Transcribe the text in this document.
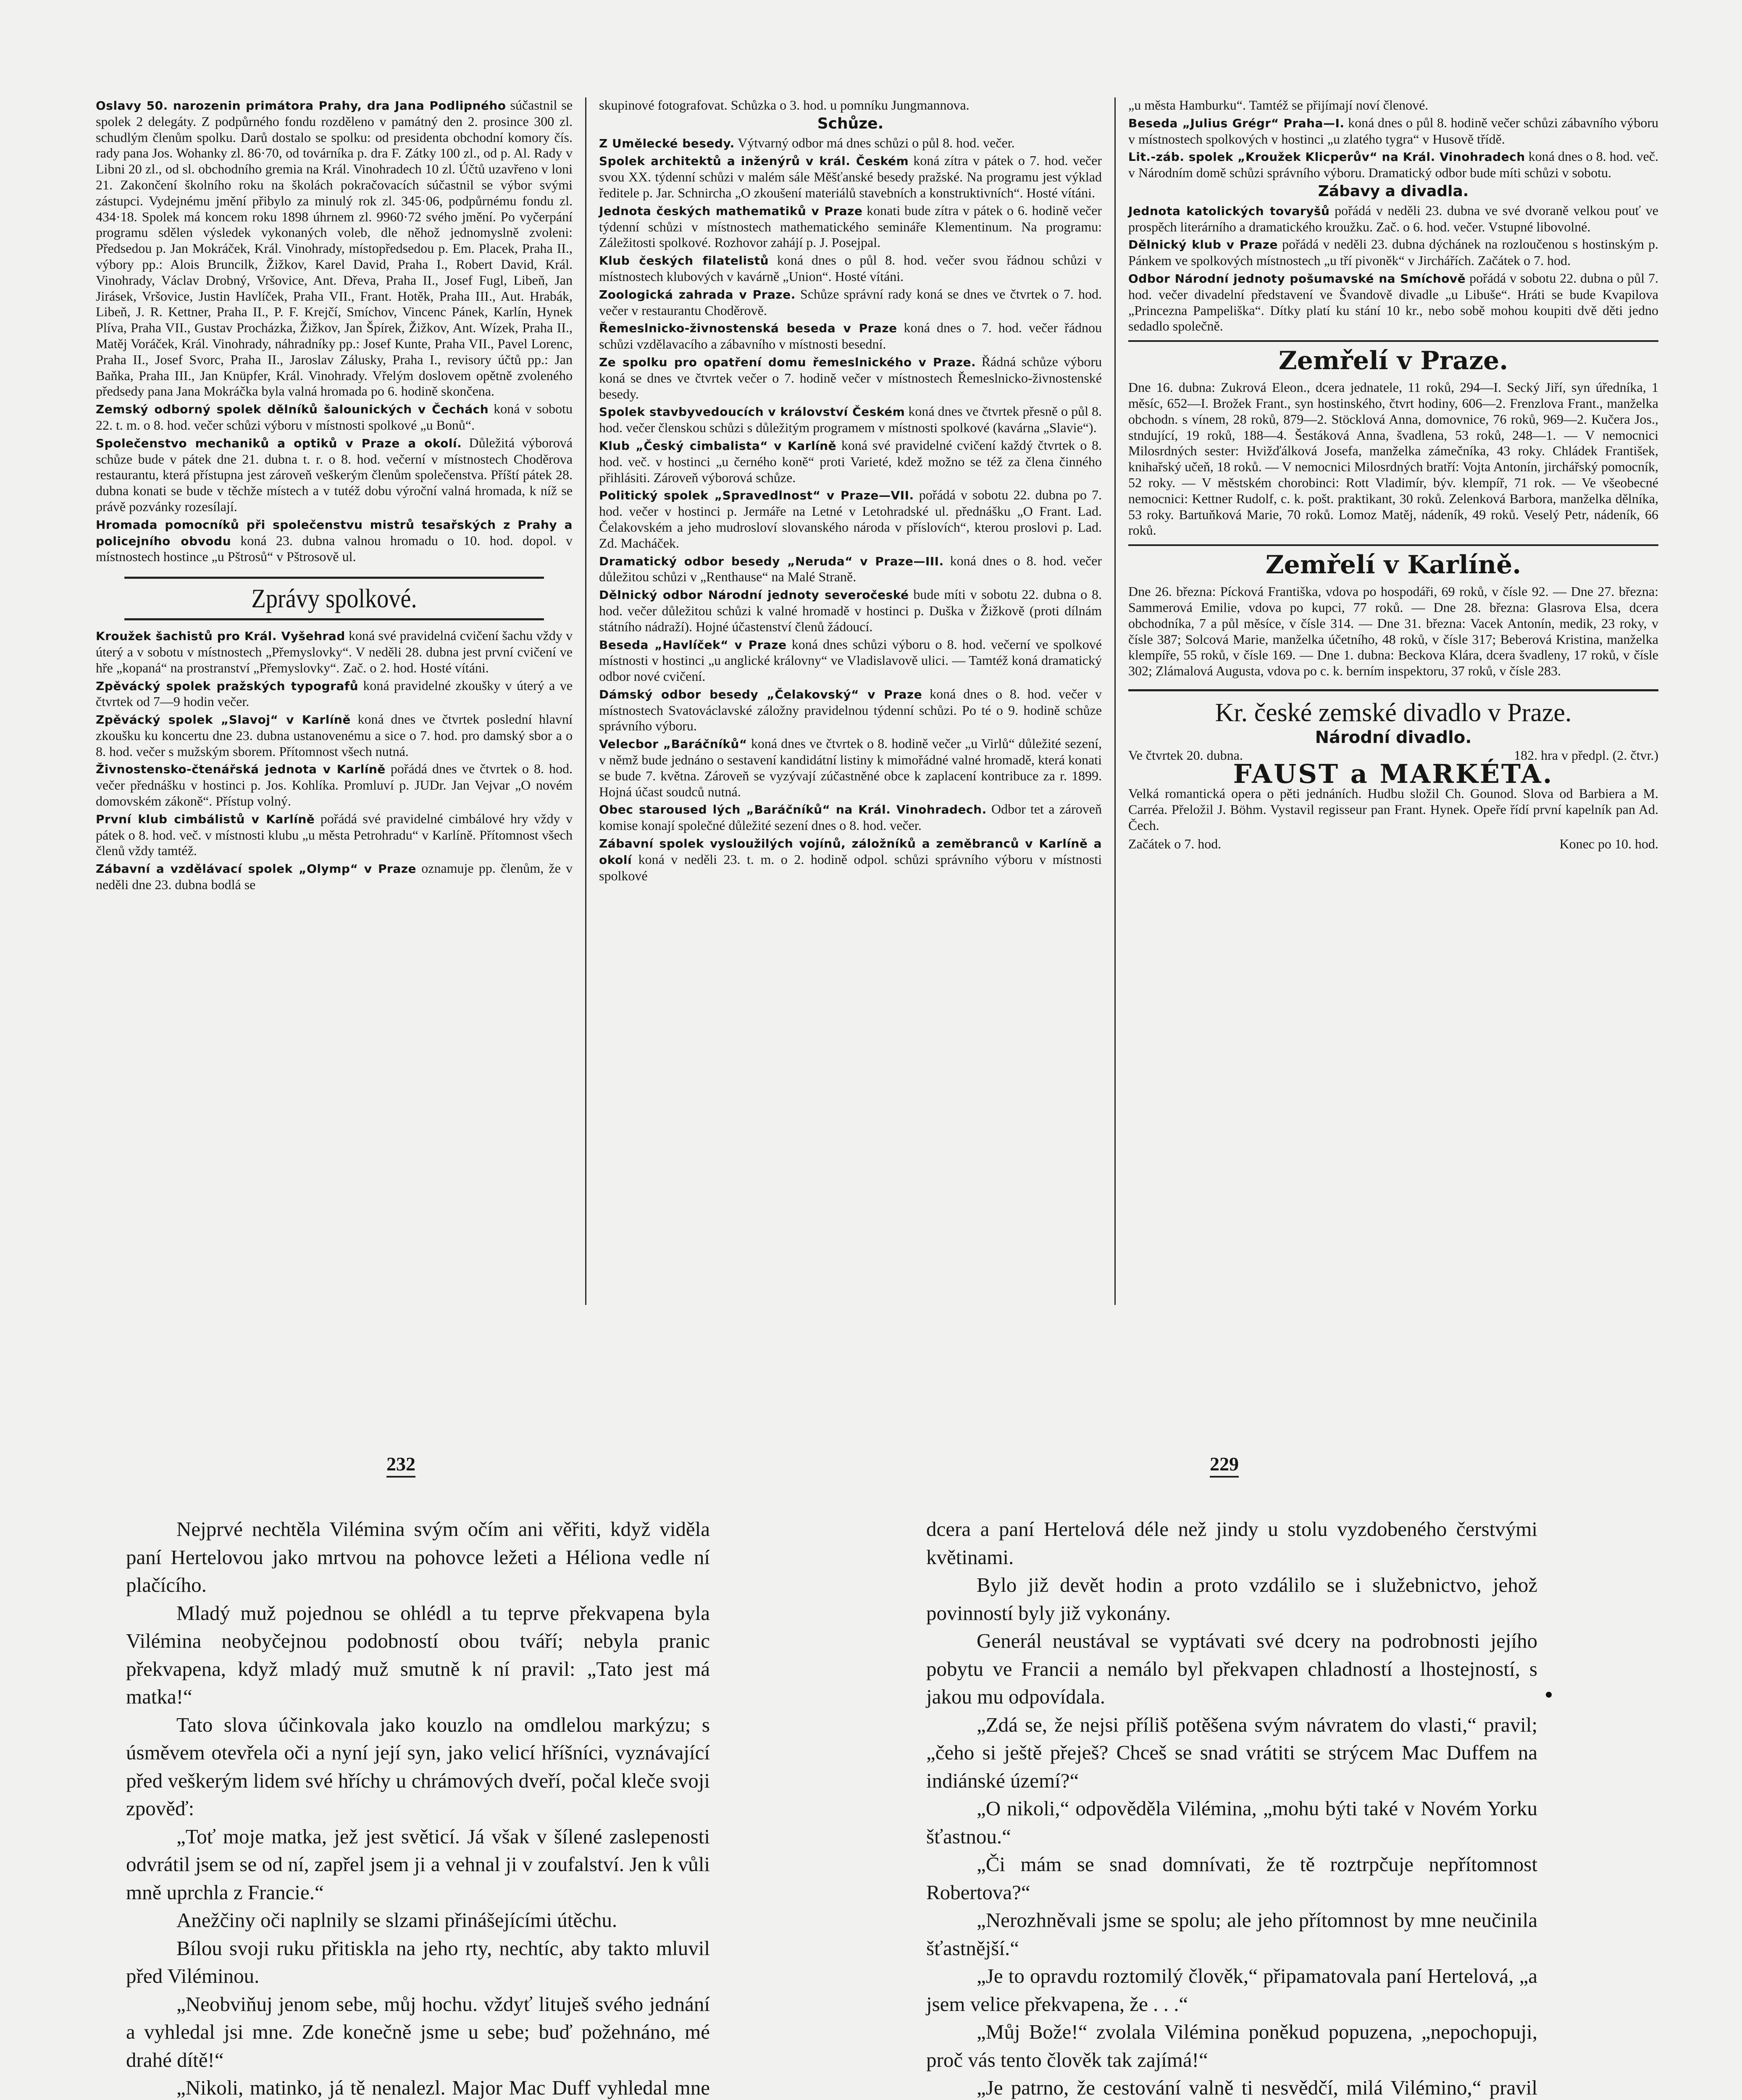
Oslavy 50. narozenin primátora Prahy, dra Jana Podlipného súčastnil se spolek 2 delegáty. Z podpůrného fondu rozděleno v památný den 2. prosince 300 zl. schudlým členům spolku. Darů dostalo se spolku: od presidenta obchodní komory čís. rady pana Jos. Wohanky zl. 86·70, od továrníka p. dra F. Zátky 100 zl., od p. Al. Rady v Libni 20 zl., od sl. obchodního gremia na Král. Vinohradech 10 zl. Účtů uzavřeno v loni 21. Zakončení školního roku na školách pokračovacích súčastnil se výbor svými zástupci. Vydejnému jmění přibylo za minulý rok zl. 345·06, podpůrnému fondu zl. 434·18. Spolek má koncem roku 1898 úhrnem zl. 9960·72 svého jmění. Po vyčerpání programu sdělen výsledek vykonaných voleb, dle něhož jednomyslně zvoleni: Předsedou p. Jan Mokráček, Král. Vinohrady, místopředsedou p. Em. Placek, Praha II., výbory pp.: Alois Bruncilk, Žižkov, Karel David, Praha I., Robert David, Král. Vinohrady, Václav Drobný, Vršovice, Ant. Dřeva, Praha II., Josef Fugl, Libeň, Jan Jirásek, Vršovice, Justin Havlíček, Praha VII., Frant. Hotěk, Praha III., Aut. Hrabák, Libeň, J. R. Kettner, Praha II., P. F. Krejčí, Smíchov, Vincenc Pánek, Karlín, Hynek Plíva, Praha VII., Gustav Procházka, Žižkov, Jan Špírek, Žižkov, Ant. Wízek, Praha II., Matěj Voráček, Král. Vinohrady, náhradníky pp.: Josef Kunte, Praha VII., Pavel Lorenc, Praha II., Josef Svorc, Praha II., Jaroslav Zálusky, Praha I., revisory účtů pp.: Jan Baňka, Praha III., Jan Knüpfer, Král. Vinohrady. Vřelým doslovem opětně zvoleného předsedy pana Jana Mokráčka byla valná hromada po 6. hodině skončena.

Zemský odborný spolek dělníků šalounických v Čechách koná v sobotu 22. t. m. o 8. hod. večer schůzi výboru v místnosti spolkové „u Bonů“.

Společenstvo mechaniků a optiků v Praze a okolí. Důležitá výborová schůze bude v pátek dne 21. dubna t. r. o 8. hod. večerní v místnostech Choděrova restaurantu, která přístupna jest zároveň veškerým členům společenstva. Příští pátek 28. dubna konati se bude v těchže místech a v tutéž dobu výroční valná hromada, k níž se právě pozvánky rozesílají.

Hromada pomocníků při společenstvu mistrů tesařských z Prahy a policejního obvodu koná 23. dubna valnou hromadu o 10. hod. dopol. v místnostech hostince „u Pštrosů“ v Pštrosově ul.

Zprávy spolkové.

Kroužek šachistů pro Král. Vyšehrad koná své pravidelná cvičení šachu vždy v úterý a v sobotu v místnostech „Přemyslovky“. V neděli 28. dubna jest první cvičení ve hře „kopaná“ na prostranství „Přemyslovky“. Zač. o 2. hod. Hosté vítáni.

Zpěvácký spolek pražských typografů koná pravidelné zkoušky v úterý a ve čtvrtek od 7—9 hodin večer.

Zpěvácký spolek „Slavoj“ v Karlíně koná dnes ve čtvrtek poslední hlavní zkoušku ku koncertu dne 23. dubna ustanovenému a sice o 7. hod. pro damský sbor a o 8. hod. večer s mužským sborem. Přítomnost všech nutná.

Živnostensko-čtenářská jednota v Karlíně pořádá dnes ve čtvrtek o 8. hod. večer přednášku v hostinci p. Jos. Kohlíka. Promluví p. JUDr. Jan Vejvar „O novém domovském zákoně“. Přístup volný.

První klub cimbálistů v Karlíně pořádá své pravidelné cimbálové hry vždy v pátek o 8. hod. več. v místnosti klubu „u města Petrohradu“ v Karlíně. Přítomnost všech členů vždy tamtéž.

Zábavní a vzdělávací spolek „Olymp“ v Praze oznamuje pp. členům, že v neděli dne 23. dubna bodlá se

skupinové fotografovat. Schůzka o 3. hod. u pomníku Jungmannova.

Schůze.

Z Umělecké besedy. Výtvarný odbor má dnes schůzi o půl 8. hod. večer.

Spolek architektů a inženýrů v král. Českém koná zítra v pátek o 7. hod. večer svou XX. týdenní schůzi v malém sále Měšťanské besedy pražské. Na programu jest výklad ředitele p. Jar. Schnircha „O zkoušení materiálů stavebních a konstruktivních“. Hosté vítáni.

Jednota českých mathematiků v Praze konati bude zítra v pátek o 6. hodině večer týdenní schůzi v místnostech mathematického semináře Klementinum. Na programu: Záležitosti spolkové. Rozhovor zahájí p. J. Posejpal.

Klub českých filatelistů koná dnes o půl 8. hod. večer svou řádnou schůzi v místnostech klubových v kavárně „Union“. Hosté vítáni.

Zoologická zahrada v Praze. Schůze správní rady koná se dnes ve čtvrtek o 7. hod. večer v restaurantu Choděrově.

Řemeslnicko-živnostenská beseda v Praze koná dnes o 7. hod. večer řádnou schůzi vzdělavacího a zábavního v místnosti besední.

Ze spolku pro opatření domu řemeslnického v Praze. Řádná schůze výboru koná se dnes ve čtvrtek večer o 7. hodině večer v místnostech Řemeslnicko-živnostenské besedy.

Spolek stavbyvedoucích v království Českém koná dnes ve čtvrtek přesně o půl 8. hod. večer členskou schůzi s důležitým programem v místnosti spolkové (kavárna „Slavie“).

Klub „Český cimbalista“ v Karlíně koná své pravidelné cvičení každý čtvrtek o 8. hod. več. v hostinci „u černého koně“ proti Varieté, kdež možno se též za člena činného přihlásiti. Zároveň výborová schůze.

Politický spolek „Spravedlnost“ v Praze—VII. pořádá v sobotu 22. dubna po 7. hod. večer v hostinci p. Jermáře na Letné v Letohradské ul. přednášku „O Frant. Lad. Čelakovském a jeho mudrosloví slovanského národa v příslovích“, kterou proslovi p. Lad. Zd. Macháček.

Dramatický odbor besedy „Neruda“ v Praze—III. koná dnes o 8. hod. večer důležitou schůzi v „Renthause“ na Malé Straně.

Dělnický odbor Národní jednoty severočeské bude míti v sobotu 22. dubna o 8. hod. večer důležitou schůzi k valné hromadě v hostinci p. Duška v Žižkově (proti dílnám státního nádraží). Hojné účastenství členů žádoucí.

Beseda „Havlíček“ v Praze koná dnes schůzi výboru o 8. hod. večerní ve spolkové místnosti v hostinci „u anglické královny“ ve Vladislavově ulici. — Tamtéž koná dramatický odbor nové cvičení.

Dámský odbor besedy „Čelakovský“ v Praze koná dnes o 8. hod. večer v místnostech Svatováclavské záložny pravidelnou týdenní schůzi. Po té o 9. hodině schůze správního výboru.

Velecbor „Baráčníků“ koná dnes ve čtvrtek o 8. hodině večer „u Virlů“ důležité sezení, v němž bude jednáno o sestavení kandidátní listiny k mimořádné valné hromadě, která konati se bude 7. května. Zároveň se vyzývají zúčastněné obce k zaplacení kontribuce za r. 1899. Hojná účast soudců nutná.

Obec staroused lých „Baráčníků“ na Král. Vinohradech. Odbor tet a zároveň komise konají společné důležité sezení dnes o 8. hod. večer.

Zábavní spolek vysloužilých vojínů, záložníků a zeměbranců v Karlíně a okolí koná v neděli 23. t. m. o 2. hodině odpol. schůzi správního výboru v místnosti spolkové

„u města Hamburku“. Tamtéž se přijímají noví členové.

Beseda „Julius Grégr“ Praha—I. koná dnes o půl 8. hodině večer schůzi zábavního výboru v místnostech spolkových v hostinci „u zlatého tygra“ v Husově třídě.

Lit.-záb. spolek „Kroužek Klicperův“ na Král. Vinohradech koná dnes o 8. hod. več. v Národním domě schůzi správního výboru. Dramatický odbor bude míti schůzi v sobotu.

Zábavy a divadla.

Jednota katolických tovaryšů pořádá v neděli 23. dubna ve své dvoraně velkou pouť ve prospěch literárního a dramatického kroužku. Zač. o 6. hod. večer. Vstupné libovolné.

Dělnický klub v Praze pořádá v neděli 23. dubna dýchánek na rozloučenou s hostinským p. Pánkem ve spolkových místnostech „u tří pivoněk“ v Jirchářích. Začátek o 7. hod.

Odbor Národní jednoty pošumavské na Smíchově pořádá v sobotu 22. dubna o půl 7. hod. večer divadelní představení ve Švandově divadle „u Libuše“. Hráti se bude Kvapilova „Princezna Pampeliška“. Dítky platí ku stání 10 kr., nebo sobě mohou koupiti dvě děti jedno sedadlo společně.

Zemřelí v Praze.

Dne 16. dubna: Zukrová Eleon., dcera jednatele, 11 roků, 294—I. Secký Jiří, syn úředníka, 1 měsíc, 652—I. Brožek Frant., syn hostinského, čtvrt hodiny, 606—2. Frenzlova Frant., manželka obchodn. s vínem, 28 roků, 879—2. Stöcklová Anna, domovnice, 76 roků, 969—2. Kučera Jos., stndující, 19 roků, 188—4. Šestáková Anna, švadlena, 53 roků, 248—1. — V nemocnici Milosrdných sester: Hvižďálková Josefa, manželka zámečníka, 43 roky. Chládek František, knihařský učeň, 18 roků. — V nemocnici Milosrdných bratří: Vojta Antonín, jirchářský pomocník, 52 roky. — V městském chorobinci: Rott Vladimír, býv. klempíř, 71 rok. — Ve všeobecné nemocnici: Kettner Rudolf, c. k. pošt. praktikant, 30 roků. Zelenková Barbora, manželka dělníka, 53 roky. Bartuňková Marie, 70 roků. Lomoz Matěj, nádeník, 49 roků. Veselý Petr, nádeník, 66 roků.

Zemřelí v Karlíně.

Dne 26. března: Pícková Františka, vdova po hospodáři, 69 roků, v čísle 92. — Dne 27. března: Sammerová Emilie, vdova po kupci, 77 roků. — Dne 28. března: Glasrova Elsa, dcera obchodníka, 7 a půl měsíce, v čísle 314. — Dne 31. března: Vacek Antonín, medik, 23 roky, v čísle 387; Solcová Marie, manželka účetního, 48 roků, v čísle 317; Beberová Kristina, manželka klempíře, 55 roků, v čísle 169. — Dne 1. dubna: Beckova Klára, dcera švadleny, 17 roků, v čísle 302; Zlámalová Augusta, vdova po c. k. berním inspektoru, 37 roků, v čísle 283.

Kr. české zemské divadlo v Praze.
Národní divadlo.
Ve čtvrtek 20. dubna.	182. hra v předpl. (2. čtvr.)
FAUST a MARKÉTA.

Velká romantická opera o pěti jednáních. Hudbu složil Ch. Gounod. Slova od Barbiera a M. Carréa. Přeložil J. Böhm. Vystavil regisseur pan Frant. Hynek. Opeře řídí první kapelník pan Ad. Čech.

Začátek o 7. hod.	Konec po 10. hod.
232	229

Nejprvé nechtěla Vilémina svým očím ani věřiti, když viděla paní Hertelovou jako mrtvou na pohovce ležeti a Héliona vedle ní plačícího.

Mladý muž pojednou se ohlédl a tu teprve překvapena byla Vilémina neobyčejnou podobností obou tváří; nebyla pranic překvapena, když mladý muž smutně k ní pravil: „Tato jest má matka!“

Tato slova účinkovala jako kouzlo na omdlelou markýzu; s úsměvem otevřela oči a nyní její syn, jako velicí hříšníci, vyznávající před veškerým lidem své hříchy u chrámových dveří, počal kleče svoji zpověď:

„Toť moje matka, jež jest světicí. Já však v šílené zaslepenosti odvrátil jsem se od ní, zapřel jsem ji a vehnal ji v zoufalství. Jen k vůli mně uprchla z Francie.“

Anežčiny oči naplnily se slzami přinášejícími útěchu.

Bílou svoji ruku přitiskla na jeho rty, nechtíc, aby takto mluvil před Viléminou.

„Neobviňuj jenom sebe, můj hochu. vždyť lituješ svého jednání a vyhledal jsi mne. Zde konečně jsme u sebe; buď požehnáno, mé drahé dítě!“

„Nikoli, matinko, já tě nenalezl. Major Mac Duff vyhledal mne

dcera a paní Hertelová déle než jindy u stolu vyzdobeného čerstvými květinami.

Bylo již devět hodin a proto vzdálilo se i služebnictvo, jehož povinností byly již vykonány.

Generál neustával se vyptávati své dcery na podrobnosti jejího pobytu ve Francii a nemálo byl překvapen chladností a lhostejností, s jakou mu odpovídala.

„Zdá se, že nejsi příliš potěšena svým návratem do vlasti,“ pravil; „čeho si ještě přeješ? Chceš se snad vrátiti se strýcem Mac Duffem na indiánské území?“

„O nikoli,“ odpověděla Vilémina, „mohu býti také v Novém Yorku šťastnou.“

„Či mám se snad domnívati, že tě roztrpčuje nepřítomnost Robertova?“

„Nerozhněvali jsme se spolu; ale jeho přítomnost by mne neučinila šťastnější.“

„Je to opravdu roztomilý člověk,“ připamatovala paní Hertelová, „a jsem velice překvapena, že . . .“

„Můj Bože!“ zvolala Vilémina poněkud popuzena, „nepochopuji, proč vás tento člověk tak zajímá!“

„Je patrno, že cestování valně ti nesvědčí, milá Vilémino,“ pravil
